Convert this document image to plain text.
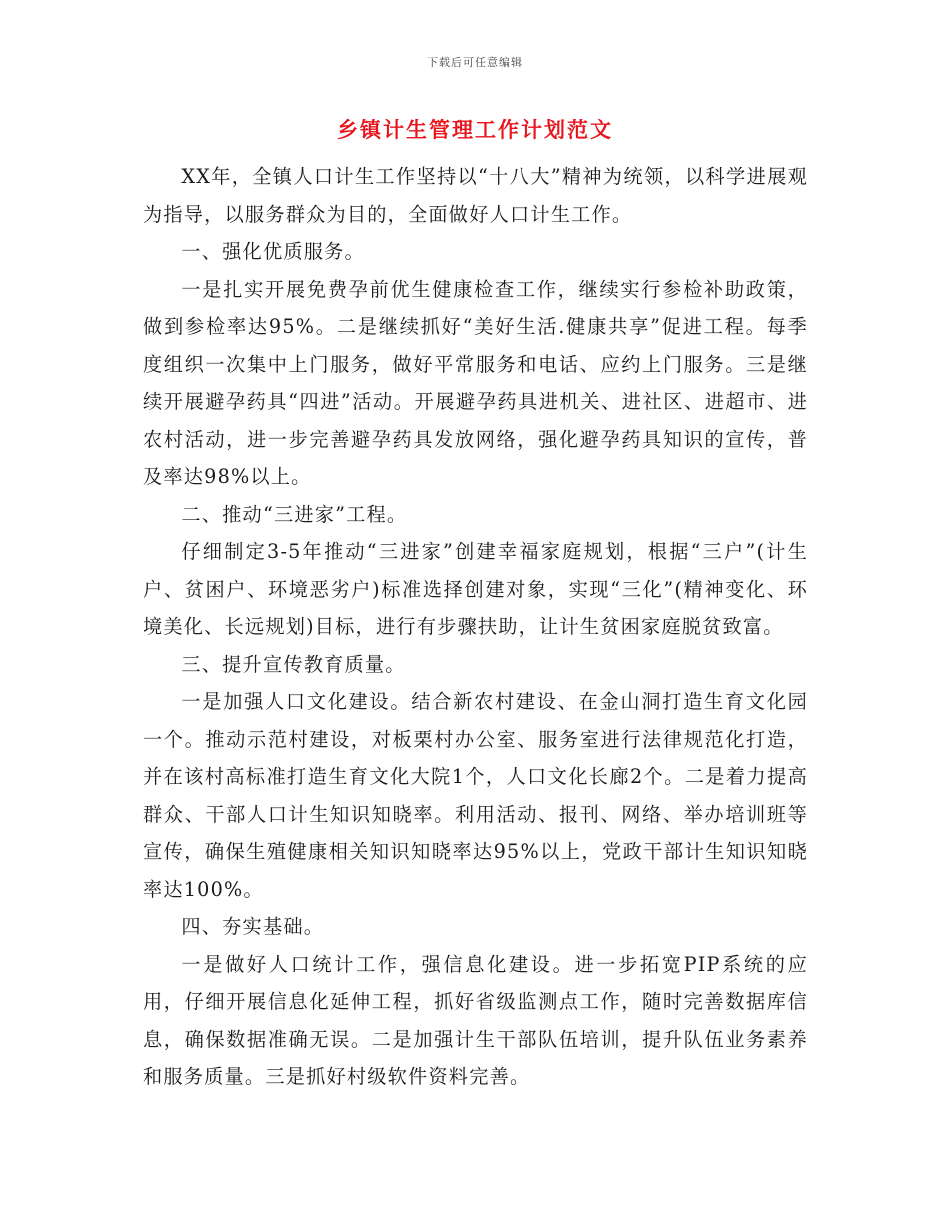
下载后可任意编辑
乡镇计生管理工作计划范文

XX年，全镇人口计生工作坚持以“十八大”精神为统领，以科学进展观为指导，以服务群众为目的，全面做好人口计生工作。

一、强化优质服务。

一是扎实开展免费孕前优生健康检查工作，继续实行参检补助政策，做到参检率达95%。二是继续抓好“美好生活.健康共享”促进工程。每季度组织一次集中上门服务，做好平常服务和电话、应约上门服务。三是继续开展避孕药具“四进”活动。开展避孕药具进机关、进社区、进超市、进农村活动，进一步完善避孕药具发放网络，强化避孕药具知识的宣传，普及率达98%以上。

二、推动“三进家”工程。

仔细制定3-5年推动“三进家”创建幸福家庭规划，根据“三户”(计生户、贫困户、环境恶劣户)标准选择创建对象，实现“三化”(精神变化、环境美化、长远规划)目标，进行有步骤扶助，让计生贫困家庭脱贫致富。

三、提升宣传教育质量。

一是加强人口文化建设。结合新农村建设、在金山洞打造生育文化园一个。推动示范村建设，对板栗村办公室、服务室进行法律规范化打造，并在该村高标准打造生育文化大院1个，人口文化长廊2个。二是着力提高群众、干部人口计生知识知晓率。利用活动、报刊、网络、举办培训班等宣传，确保生殖健康相关知识知晓率达95%以上，党政干部计生知识知晓率达100%。

四、夯实基础。

一是做好人口统计工作，强信息化建设。进一步拓宽PIP系统的应用，仔细开展信息化延伸工程，抓好省级监测点工作，随时完善数据库信息，确保数据准确无误。二是加强计生干部队伍培训，提升队伍业务素养和服务质量。三是抓好村级软件资料完善。
